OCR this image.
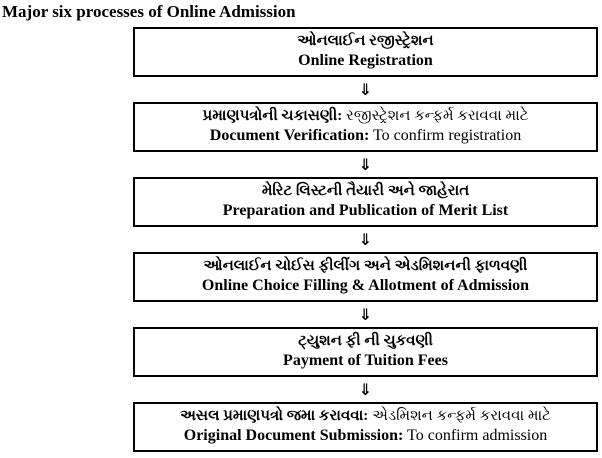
Major six processes of Online Admission
ઓનલાઈન રજીસ્ટ્રેશન
Online Registration
⇓
પ્રમાણપત્રોની ચકાસણી: રજીસ્ટ્રેશન કન્ફર્મ કરાવવા માટે
Document Verification: To confirm registration
⇓
મેરિટ લિસ્ટની તૈયારી અને જાહેરાત
Preparation and Publication of Merit List
⇓
ઓનલાઈન ચોઈસ ફીલીંગ અને એડમિશનની ફાળવણી
Online Choice Filling & Allotment of Admission
⇓
ટ્યુશન ફી ની ચુકવણી
Payment of Tuition Fees
⇓
અસલ પ્રમાણપત્રો જમા કરાવવા: એડમિશન કન્ફર્મ કરાવવા માટે
Original Document Submission: To confirm admission
